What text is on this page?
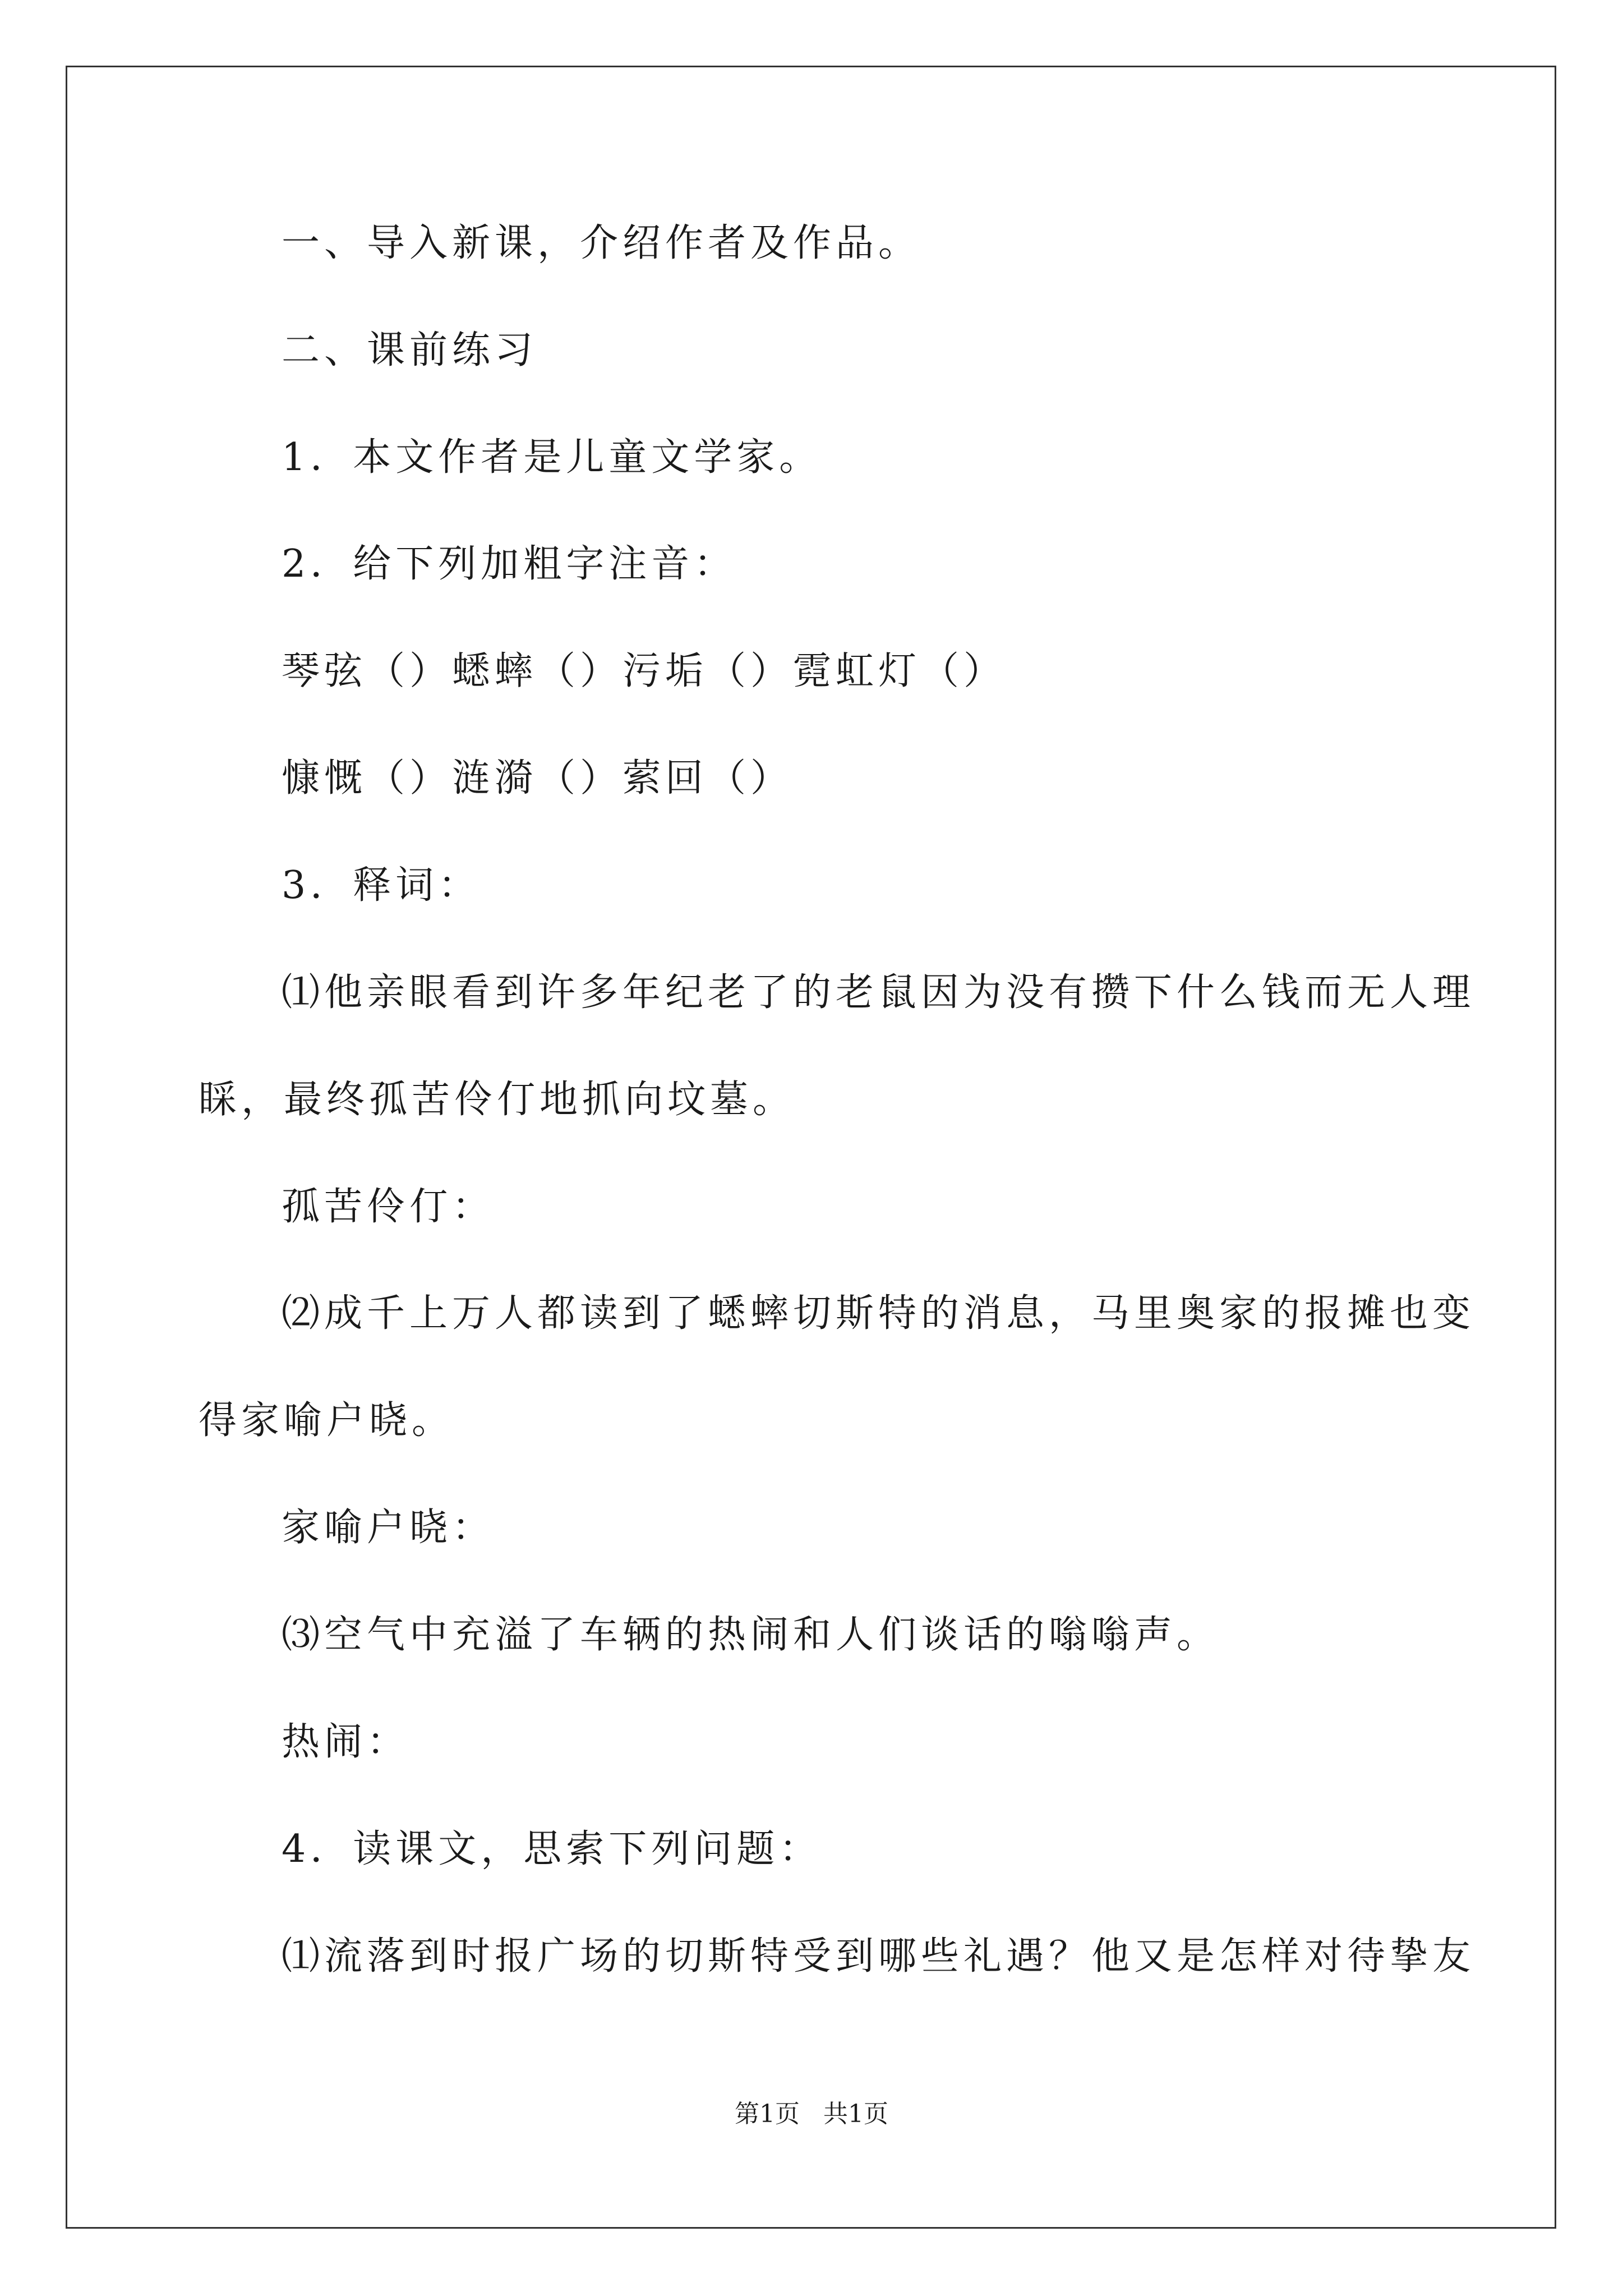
一、导入新课，介绍作者及作品。
二、课前练习
1．本文作者是儿童文学家。
2．给下列加粗字注音：
琴弦（）蟋蟀（）污垢（）霓虹灯（）
慷慨（）涟漪（）萦回（）
3．释词：
⑴他亲眼看到许多年纪老了的老鼠因为没有攒下什么钱而无人理
睬，最终孤苦伶仃地抓向坟墓。
孤苦伶仃：
⑵成千上万人都读到了蟋蟀切斯特的消息，马里奥家的报摊也变
得家喻户晓。
家喻户晓：
⑶空气中充溢了车辆的热闹和人们谈话的嗡嗡声。
热闹：
4．读课文，思索下列问题：
⑴流落到时报广场的切斯特受到哪些礼遇？他又是怎样对待挚友
第1页   共1页
